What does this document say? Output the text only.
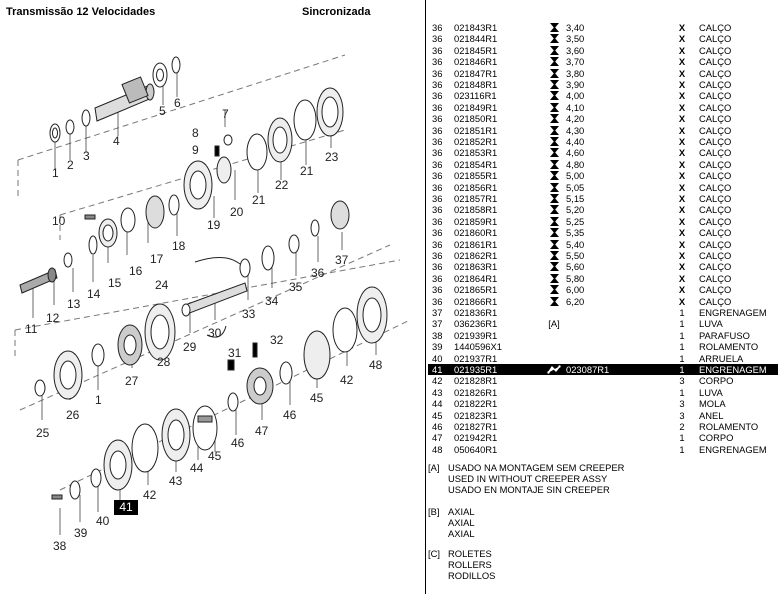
Transmissão 12 Velocidades	Sincronizada
1
2
3
4
5
6
7
8
9
10
11
12
13
14
15
16
17
18
19
20
21
22
21
23
24
25
26
1
27
28
29
30
31
32
33
34
35
36
37
38
39
40
41
42
43
44
45
46
47
46
45
42
48
36	021843R1	3,40	X	CALÇO
36	021844R1	3,50	X	CALÇO
36	021845R1	3,60	X	CALÇO
36	021846R1	3,70	X	CALÇO
36	021847R1	3,80	X	CALÇO
36	021848R1	3,90	X	CALÇO
36	023116R1	4,00	X	CALÇO
36	021849R1	4,10	X	CALÇO
36	021850R1	4,20	X	CALÇO
36	021851R1	4,30	X	CALÇO
36	021852R1	4,40	X	CALÇO
36	021853R1	4,60	X	CALÇO
36	021854R1	4,80	X	CALÇO
36	021855R1	5,00	X	CALÇO
36	021856R1	5,05	X	CALÇO
36	021857R1	5,15	X	CALÇO
36	021858R1	5,20	X	CALÇO
36	021859R1	5,25	X	CALÇO
36	021860R1	5,35	X	CALÇO
36	021861R1	5,40	X	CALÇO
36	021862R1	5,50	X	CALÇO
36	021863R1	5,60	X	CALÇO
36	021864R1	5,80	X	CALÇO
36	021865R1	6,00	X	CALÇO
36	021866R1	6,20	X	CALÇO
37	021836R1	1	ENGRENAGEM
37	036236R1	[A]	1	LUVA
38	021939R1	1	PARAFUSO
39	1440596X1	1	ROLAMENTO
40	021937R1	1	ARRUELA
41	021935R1	023087R1	1	ENGRENAGEM
42	021828R1	3	CORPO
43	021826R1	1	LUVA
44	021822R1	3	MOLA
45	021823R1	3	ANEL
46	021827R1	2	ROLAMENTO
47	021942R1	1	CORPO
48	050640R1	1	ENGRENAGEM
[A] USADO NA MONTAGEM SEM CREEPER
USED IN WITHOUT CREEPER ASSY
USADO EN MONTAJE SIN CREEPER
[B] AXIAL
AXIAL
AXIAL
[C] ROLETES
ROLLERS
RODILLOS
